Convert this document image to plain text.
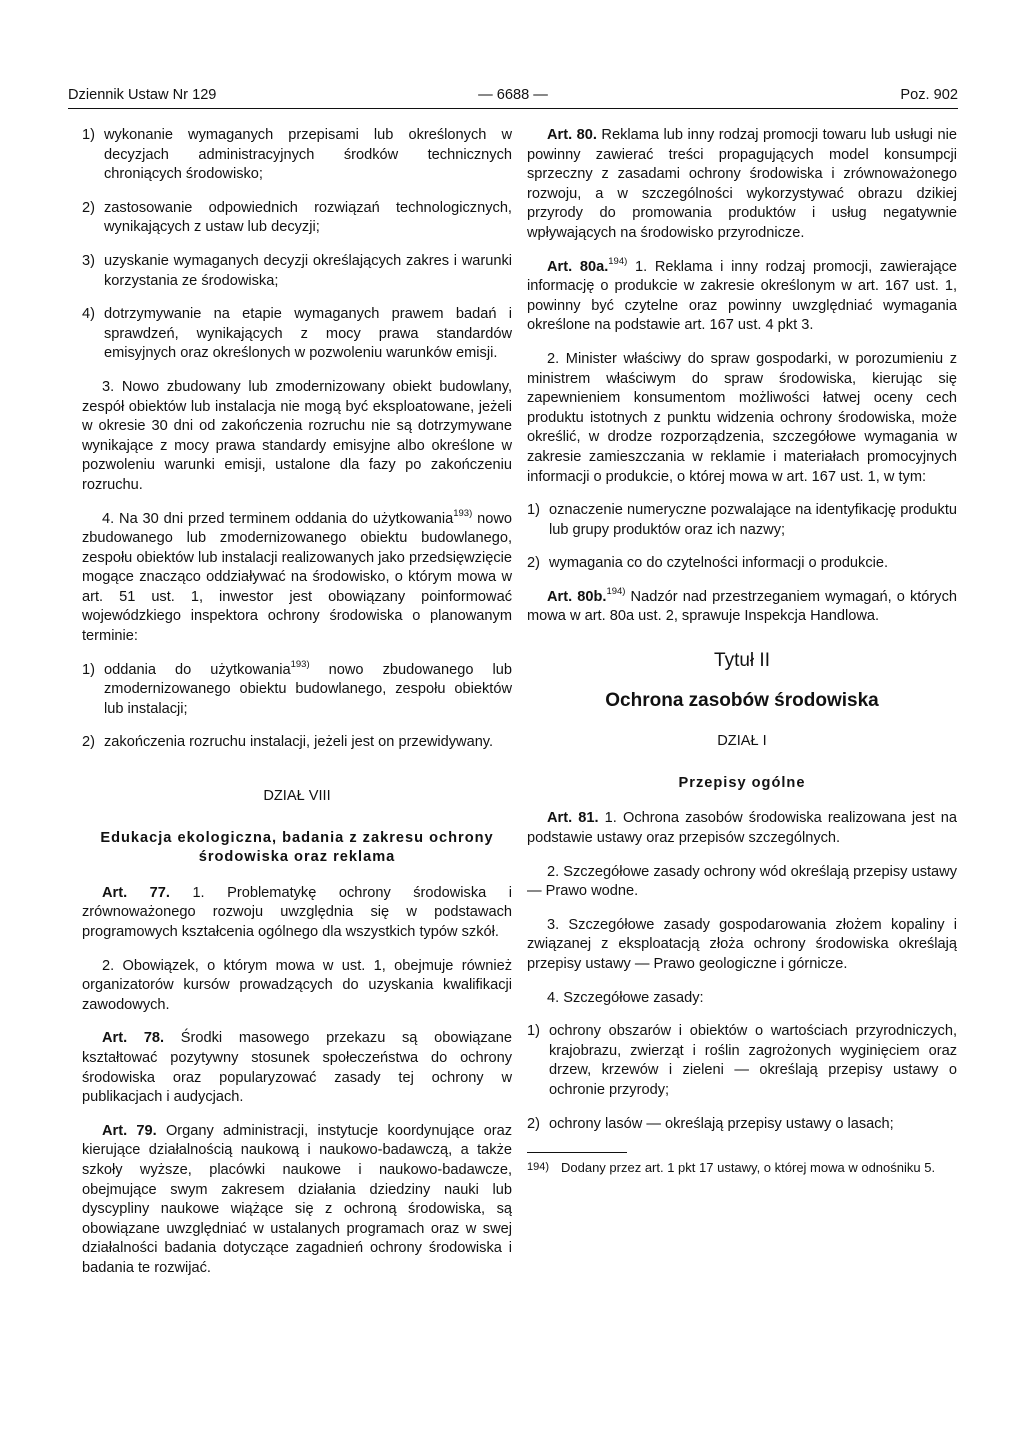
Dziennik Ustaw Nr 129	— 6688 —	Poz. 902
1) wykonanie wymaganych przepisami lub określonych w decyzjach administracyjnych środków technicznych chroniących środowisko;
2) zastosowanie odpowiednich rozwiązań technologicznych, wynikających z ustaw lub decyzji;
3) uzyskanie wymaganych decyzji określających zakres i warunki korzystania ze środowiska;
4) dotrzymywanie na etapie wymaganych prawem badań i sprawdzeń, wynikających z mocy prawa standardów emisyjnych oraz określonych w pozwoleniu warunków emisji.

3. Nowo zbudowany lub zmodernizowany obiekt budowlany, zespół obiektów lub instalacja nie mogą być eksploatowane, jeżeli w okresie 30 dni od zakończenia rozruchu nie są dotrzymywane wynikające z mocy prawa standardy emisyjne albo określone w pozwoleniu warunki emisji, ustalone dla fazy po zakończeniu rozruchu.

4. Na 30 dni przed terminem oddania do użytkowania$^{193)}$ nowo zbudowanego lub zmodernizowanego obiektu budowlanego, zespołu obiektów lub instalacji realizowanych jako przedsięwzięcie mogące znacząco oddziaływać na środowisko, o którym mowa w art. 51 ust. 1, inwestor jest obowiązany poinformować wojewódzkiego inspektora ochrony środowiska o planowanym terminie:

1) oddania do użytkowania$^{193)}$ nowo zbudowanego lub zmodernizowanego obiektu budowlanego, zespołu obiektów lub instalacji;
2) zakończenia rozruchu instalacji, jeżeli jest on przewidywany.
DZIAŁ VIII
Edukacja ekologiczna, badania z zakresu ochrony środowiska oraz reklama

Art. 77. 1. Problematykę ochrony środowiska i zrównoważonego rozwoju uwzględnia się w podstawach programowych kształcenia ogólnego dla wszystkich typów szkół.

2. Obowiązek, o którym mowa w ust. 1, obejmuje również organizatorów kursów prowadzących do uzyskania kwalifikacji zawodowych.

Art. 78. Środki masowego przekazu są obowiązane kształtować pozytywny stosunek społeczeństwa do ochrony środowiska oraz popularyzować zasady tej ochrony w publikacjach i audycjach.

Art. 79. Organy administracji, instytucje koordynujące oraz kierujące działalnością naukową i naukowo-badawczą, a także szkoły wyższe, placówki naukowe i naukowo-badawcze, obejmujące swym zakresem działania dziedziny nauki lub dyscypliny naukowe wiążące się z ochroną środowiska, są obowiązane uwzględniać w ustalanych programach oraz w swej działalności badania dotyczące zagadnień ochrony środowiska i badania te rozwijać.

Art. 80. Reklama lub inny rodzaj promocji towaru lub usługi nie powinny zawierać treści propagujących model konsumpcji sprzeczny z zasadami ochrony środowiska i zrównoważonego rozwoju, a w szczególności wykorzystywać obrazu dzikiej przyrody do promowania produktów i usług negatywnie wpływających na środowisko przyrodnicze.

Art. 80a.$^{194)}$ 1. Reklama i inny rodzaj promocji, zawierające informację o produkcie w zakresie określonym w art. 167 ust. 1, powinny być czytelne oraz powinny uwzględniać wymagania określone na podstawie art. 167 ust. 4 pkt 3.

2. Minister właściwy do spraw gospodarki, w porozumieniu z ministrem właściwym do spraw środowiska, kierując się zapewnieniem konsumentom możliwości łatwej oceny cech produktu istotnych z punktu widzenia ochrony środowiska, może określić, w drodze rozporządzenia, szczegółowe wymagania w zakresie zamieszczania w reklamie i materiałach promocyjnych informacji o produkcie, o której mowa w art. 167 ust. 1, w tym:

1) oznaczenie numeryczne pozwalające na identyfikację produktu lub grupy produktów oraz ich nazwy;
2) wymagania co do czytelności informacji o produkcie.

Art. 80b.$^{194)}$ Nadzór nad przestrzeganiem wymagań, o których mowa w art. 80a ust. 2, sprawuje Inspekcja Handlowa.

Tytuł II
Ochrona zasobów środowiska
DZIAŁ I
Przepisy ogólne

Art. 81. 1. Ochrona zasobów środowiska realizowana jest na podstawie ustawy oraz przepisów szczególnych.

2. Szczegółowe zasady ochrony wód określają przepisy ustawy — Prawo wodne.

3. Szczegółowe zasady gospodarowania złożem kopaliny i związanej z eksploatacją złoża ochrony środowiska określają przepisy ustawy — Prawo geologiczne i górnicze.

4. Szczegółowe zasady:

1) ochrony obszarów i obiektów o wartościach przyrodniczych, krajobrazu, zwierząt i roślin zagrożonych wyginięciem oraz drzew, krzewów i zieleni — określają przepisy ustawy o ochronie przyrody;
2) ochrony lasów — określają przepisy ustawy o lasach;
194) Dodany przez art. 1 pkt 17 ustawy, o której mowa w odnośniku 5.
